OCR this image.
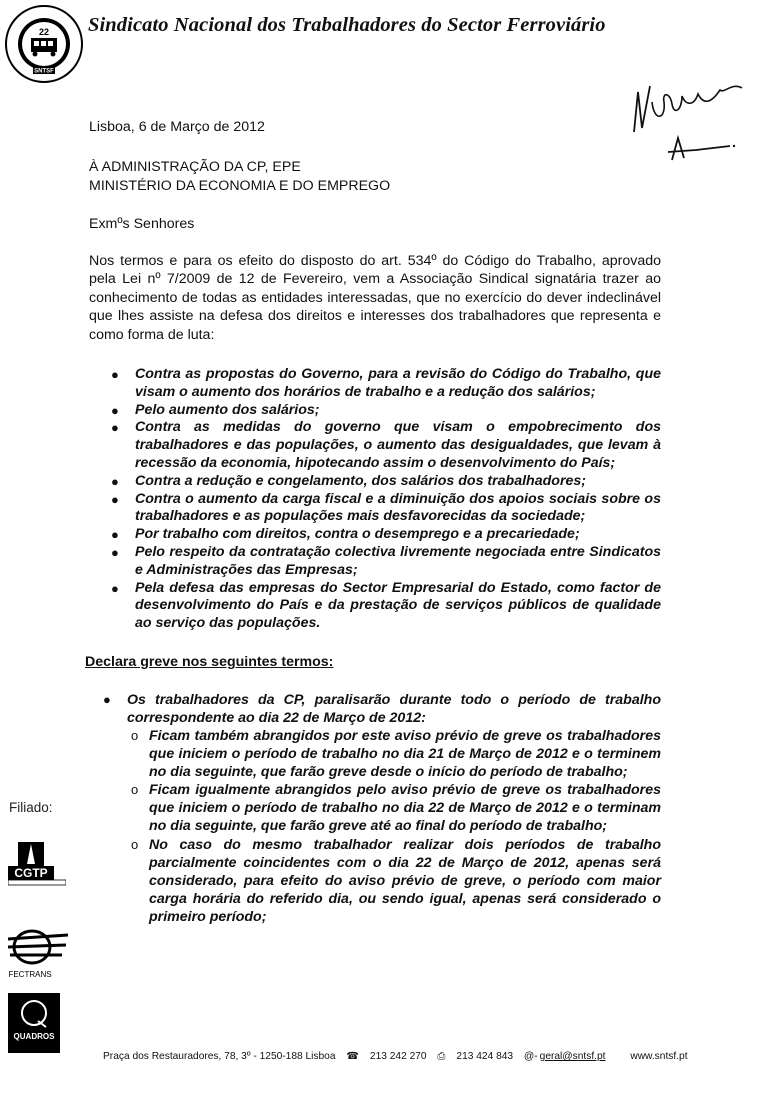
22
SNTSF
Sindicato Nacional dos Trabalhadores do Sector Ferroviário
Lisboa, 6 de Março de 2012
À ADMINISTRAÇÃO DA CP, EPE
MINISTÉRIO DA ECONOMIA E DO EMPREGO
Exmºs Senhores
Nos termos e para os efeito do disposto do art. 534º do Código do Trabalho, aprovado pela Lei nº 7/2009 de 12 de Fevereiro, vem a Associação Sindical signatária trazer ao conhecimento de todas as entidades interessadas, que no exercício do dever indeclinável que lhes assiste na defesa dos direitos e interesses dos trabalhadores que representa e como forma de luta:
● Contra as propostas do Governo, para a revisão do Código do Trabalho, que visam o aumento dos horários de trabalho e a redução dos salários;
● Pelo aumento dos salários;
● Contra as medidas do governo que visam o empobrecimento dos trabalhadores e das populações, o aumento das desigualdades, que levam à recessão da economia, hipotecando assim o desenvolvimento do País;
● Contra a redução e congelamento, dos salários dos trabalhadores;
● Contra o aumento da carga fiscal e a diminuição dos apoios sociais sobre os trabalhadores e as populações mais desfavorecidas da sociedade;
● Por trabalho com direitos, contra o desemprego e a precariedade;
● Pelo respeito da contratação colectiva livremente negociada entre Sindicatos e Administrações das Empresas;
● Pela defesa das empresas do Sector Empresarial do Estado, como factor de desenvolvimento do País e da prestação de serviços públicos de qualidade ao serviço das populações.
Declara greve nos seguintes termos:
● Os trabalhadores da CP, paralisarão durante todo o período de trabalho correspondente ao dia 22 de Março de 2012:
o Ficam também abrangidos por este aviso prévio de greve os trabalhadores que iniciem o período de trabalho no dia 21 de Março de 2012 e o terminem no dia seguinte, que farão greve desde o início do período de trabalho;
o Ficam igualmente abrangidos pelo aviso prévio de greve os trabalhadores que iniciem o período de trabalho no dia 22 de Março de 2012 e o terminam no dia seguinte, que farão greve até ao final do período de trabalho;
o No caso do mesmo trabalhador realizar dois períodos de trabalho parcialmente coincidentes com o dia 22 de Março de 2012, apenas será considerado, para efeito do aviso prévio de greve, o período com maior carga horária do referido dia, ou sendo igual, apenas será considerado o primeiro período;
Filiado:
CGTP
FECTRANS
QUADROS
Praça dos Restauradores, 78, 3º - 1250-188 Lisboa ☎ 213 242 270 ⎙ 213 424 843 @- geral@sntsf.pt www.sntsf.pt
